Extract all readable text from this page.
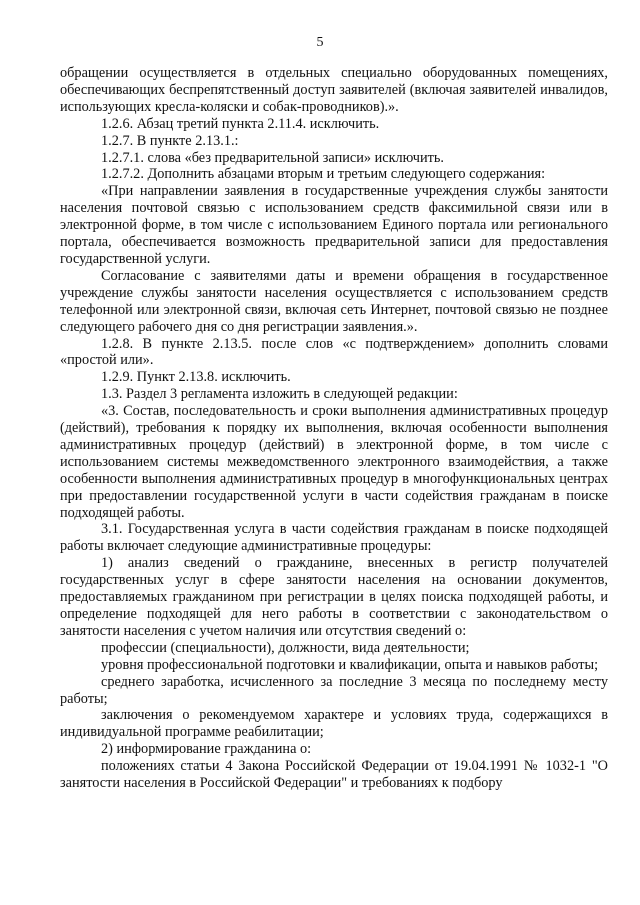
5

обращении осуществляется в отдельных специально оборудованных помещениях, обеспечивающих беспрепятственный доступ заявителей (включая заявителей инвалидов, использующих кресла-коляски и собак-проводников).».

1.2.6. Абзац третий пункта 2.11.4. исключить.

1.2.7. В пункте 2.13.1.:

1.2.7.1. слова «без предварительной записи» исключить.

1.2.7.2. Дополнить абзацами вторым и третьим следующего содержания:

«При направлении заявления в государственные учреждения службы занятости населения почтовой связью с использованием средств факсимильной связи или в электронной форме, в том числе с использованием Единого портала или регионального портала, обеспечивается возможность предварительной записи для предоставления государственной услуги.

Согласование с заявителями даты и времени обращения в государственное учреждение службы занятости населения осуществляется с использованием средств телефонной или электронной связи, включая сеть Интернет, почтовой связью не позднее следующего рабочего дня со дня регистрации заявления.».

1.2.8. В пункте 2.13.5. после слов «с подтверждением» дополнить словами «простой или».

1.2.9. Пункт 2.13.8. исключить.

1.3. Раздел 3 регламента изложить в следующей редакции:

«3. Состав, последовательность и сроки выполнения административных процедур (действий), требования к порядку их выполнения, включая особенности выполнения административных процедур (действий) в электронной форме, в том числе с использованием системы межведомственного электронного взаимодействия, а также особенности выполнения административных процедур в многофункциональных центрах при предоставлении государственной услуги в части содействия гражданам в поиске подходящей работы.

3.1. Государственная услуга в части содействия гражданам в поиске подходящей работы включает следующие административные процедуры:

1) анализ сведений о гражданине, внесенных в регистр получателей государственных услуг в сфере занятости населения на основании документов, предоставляемых гражданином при регистрации в целях поиска подходящей работы, и определение подходящей для него работы в соответствии с законодательством о занятости населения с учетом наличия или отсутствия сведений о:

профессии (специальности), должности, вида деятельности;

уровня профессиональной подготовки и квалификации, опыта и навыков работы;

среднего заработка, исчисленного за последние 3 месяца по последнему месту работы;

заключения о рекомендуемом характере и условиях труда, содержащихся в индивидуальной программе реабилитации;

2) информирование гражданина о:

положениях статьи 4 Закона Российской Федерации от 19.04.1991 № 1032-1 "О занятости населения в Российской Федерации" и требованиях к подбору
